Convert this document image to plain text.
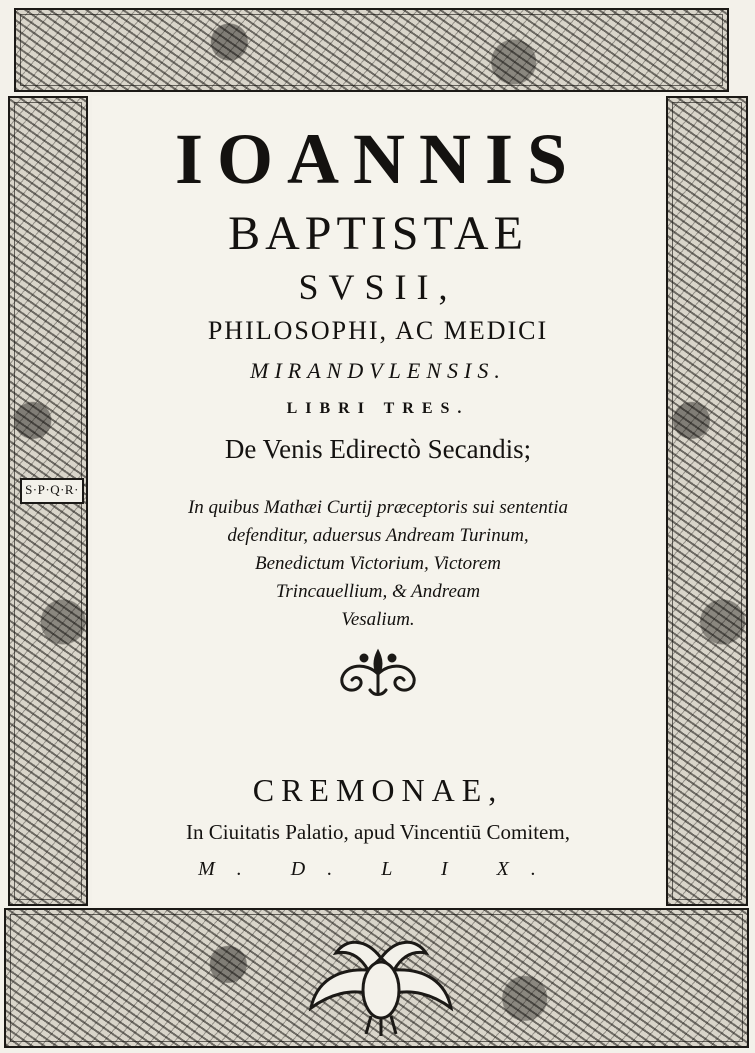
S·P·Q·R·
IOANNIS
BAPTISTAE
SVSII,
PHILOSOPHI, AC MEDICI
MIRANDVLENSIS.
LIBRI TRES.
De Venis Edirectò Secandis;
In quibus Mathæi Curtij præceptoris sui sententia
defenditur, aduersus Andream Turinum,
Benedictum Victorium, Victorem
Trincauellium, & Andream
Vesalium.
CREMONAE,
In Ciuitatis Palatio, apud Vincentiū Comitem,
M. D. L I X.
